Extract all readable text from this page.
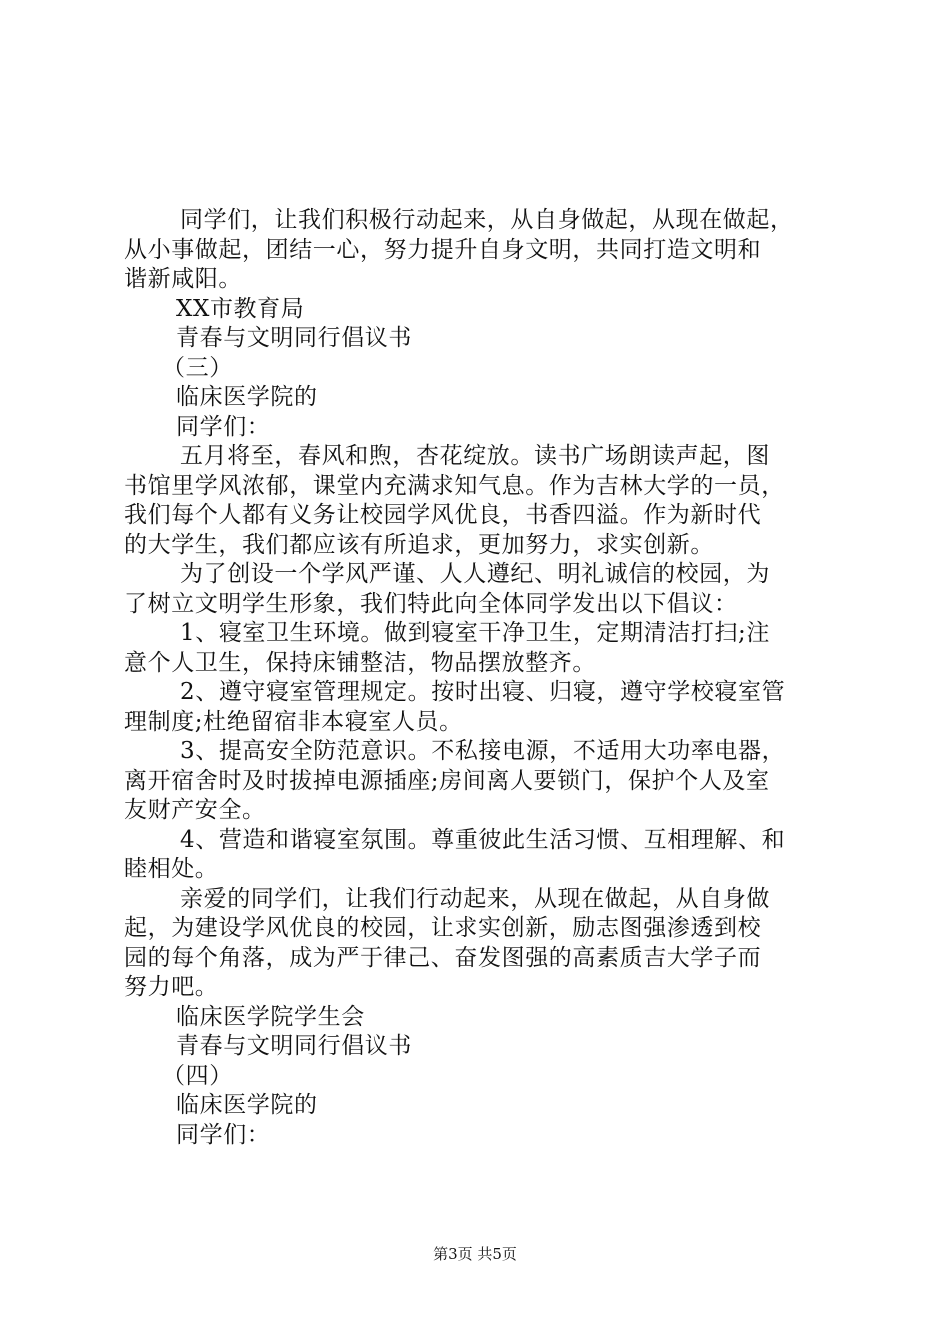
同学们，让我们积极行动起来，从自身做起，从现在做起，
从小事做起，团结一心，努力提升自身文明，共同打造文明和
谐新咸阳。
XX市教育局
青春与文明同行倡议书
（三）
临床医学院的
同学们：
五月将至，春风和煦，杏花绽放。读书广场朗读声起，图
书馆里学风浓郁，课堂内充满求知气息。作为吉林大学的一员，
我们每个人都有义务让校园学风优良，书香四溢。作为新时代
的大学生，我们都应该有所追求，更加努力，求实创新。
为了创设一个学风严谨、人人遵纪、明礼诚信的校园，为
了树立文明学生形象，我们特此向全体同学发出以下倡议：
1、寝室卫生环境。做到寝室干净卫生，定期清洁打扫;注
意个人卫生，保持床铺整洁，物品摆放整齐。
2、遵守寝室管理规定。按时出寝、归寝，遵守学校寝室管
理制度;杜绝留宿非本寝室人员。
3、提高安全防范意识。不私接电源，不适用大功率电器，
离开宿舍时及时拔掉电源插座;房间离人要锁门，保护个人及室
友财产安全。
4、营造和谐寝室氛围。尊重彼此生活习惯、互相理解、和
睦相处。
亲爱的同学们，让我们行动起来，从现在做起，从自身做
起，为建设学风优良的校园，让求实创新，励志图强渗透到校
园的每个角落，成为严于律己、奋发图强的高素质吉大学子而
努力吧。
临床医学院学生会
青春与文明同行倡议书
（四）
临床医学院的
同学们：
第3页 共5页
